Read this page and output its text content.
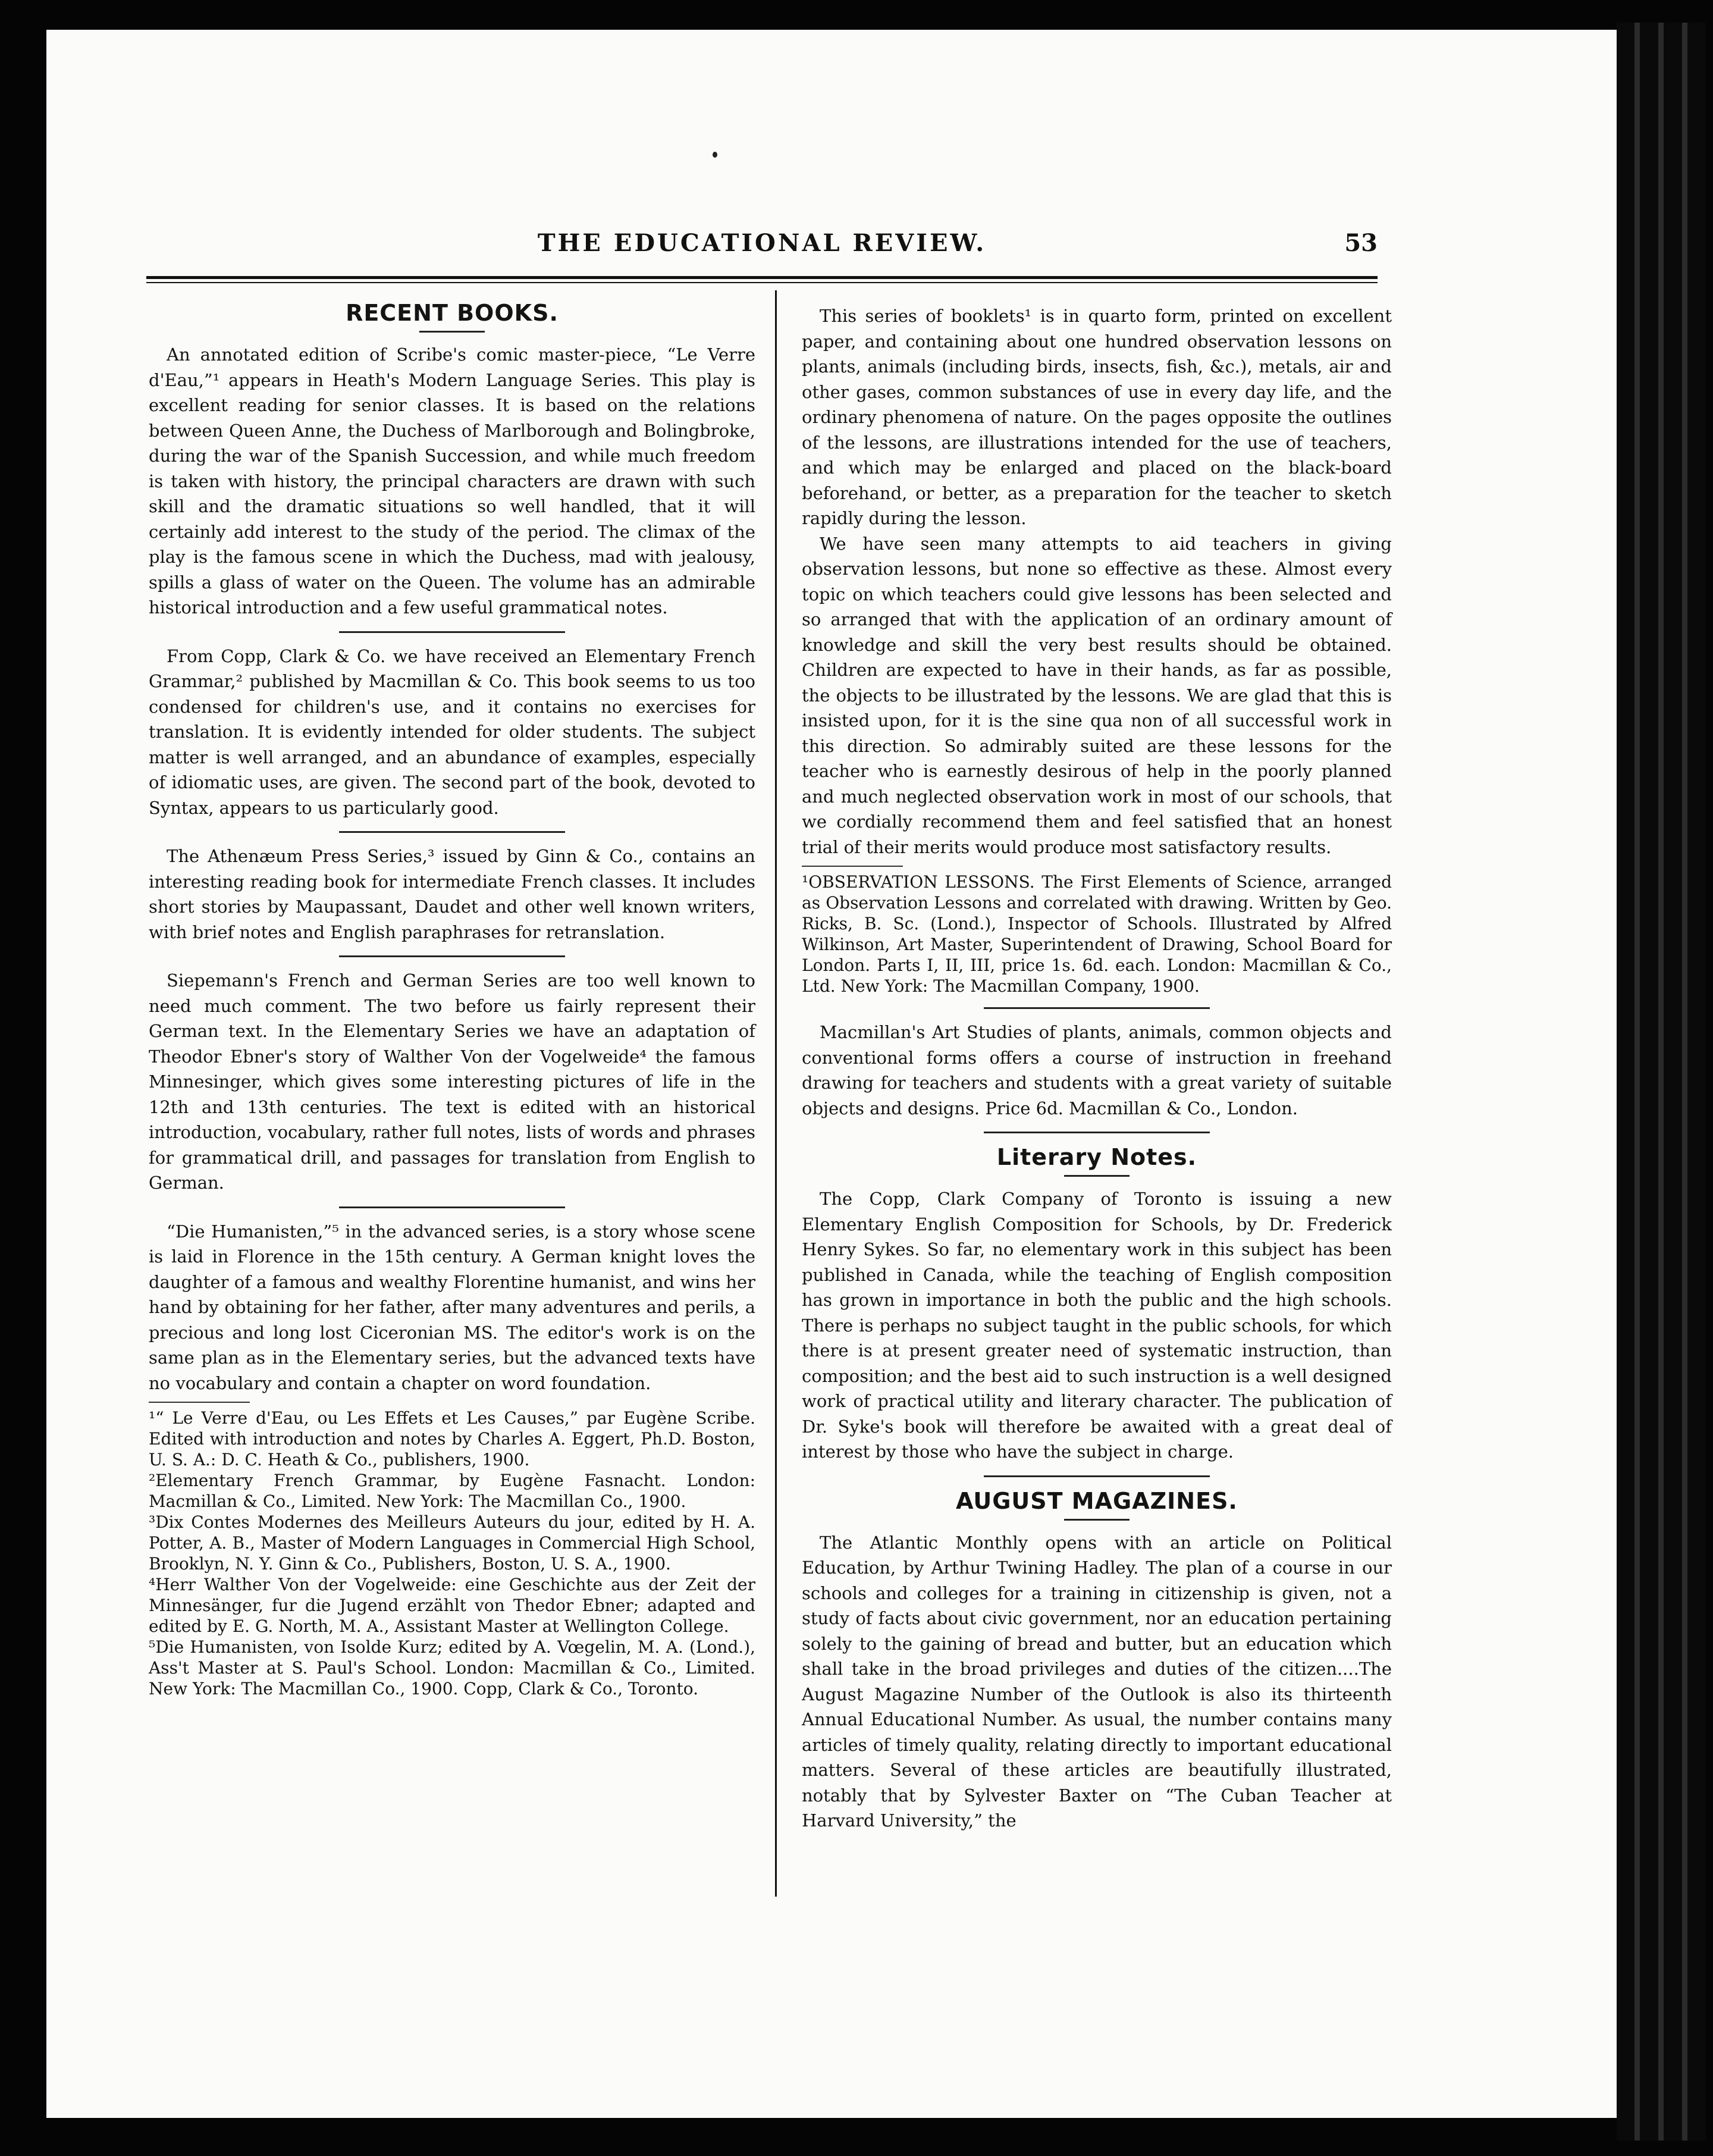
THE EDUCATIONAL REVIEW.	53
RECENT BOOKS.

An annotated edition of Scribe's comic master-piece, “Le Verre d'Eau,”¹ appears in Heath's Modern Language Series. This play is excellent reading for senior classes. It is based on the relations between Queen Anne, the Duchess of Marlborough and Bolingbroke, during the war of the Spanish Succession, and while much freedom is taken with history, the principal characters are drawn with such skill and the dramatic situations so well handled, that it will certainly add interest to the study of the period. The climax of the play is the famous scene in which the Duchess, mad with jealousy, spills a glass of water on the Queen. The volume has an admirable historical introduction and a few useful grammatical notes.

From Copp, Clark & Co. we have received an Elementary French Grammar,² published by Macmillan & Co. This book seems to us too condensed for children's use, and it contains no exercises for translation. It is evidently intended for older students. The subject matter is well arranged, and an abundance of examples, especially of idiomatic uses, are given. The second part of the book, devoted to Syntax, appears to us particularly good.

The Athenæum Press Series,³ issued by Ginn & Co., contains an interesting reading book for intermediate French classes. It includes short stories by Maupassant, Daudet and other well known writers, with brief notes and English paraphrases for retranslation.

Siepemann's French and German Series are too well known to need much comment. The two before us fairly represent their German text. In the Elementary Series we have an adaptation of Theodor Ebner's story of Walther Von der Vogelweide⁴ the famous Minnesinger, which gives some interesting pictures of life in the 12th and 13th centuries. The text is edited with an historical introduction, vocabulary, rather full notes, lists of words and phrases for grammatical drill, and passages for translation from English to German.

“Die Humanisten,”⁵ in the advanced series, is a story whose scene is laid in Florence in the 15th century. A German knight loves the daughter of a famous and wealthy Florentine humanist, and wins her hand by obtaining for her father, after many adventures and perils, a precious and long lost Ciceronian MS. The editor's work is on the same plan as in the Elementary series, but the advanced texts have no vocabulary and contain a chapter on word foundation.

¹“ Le Verre d'Eau, ou Les Effets et Les Causes,” par Eugène Scribe. Edited with introduction and notes by Charles A. Eggert, Ph.D. Boston, U. S. A.: D. C. Heath & Co., publishers, 1900.

²Elementary French Grammar, by Eugène Fasnacht. London: Macmillan & Co., Limited. New York: The Macmillan Co., 1900.

³Dix Contes Modernes des Meilleurs Auteurs du jour, edited by H. A. Potter, A. B., Master of Modern Languages in Commercial High School, Brooklyn, N. Y. Ginn & Co., Publishers, Boston, U. S. A., 1900.

⁴Herr Walther Von der Vogelweide: eine Geschichte aus der Zeit der Minnesänger, fur die Jugend erzählt von Thedor Ebner; adapted and edited by E. G. North, M. A., Assistant Master at Wellington College.

⁵Die Humanisten, von Isolde Kurz; edited by A. Vœgelin, M. A. (Lond.), Ass't Master at S. Paul's School. London: Macmillan & Co., Limited. New York: The Macmillan Co., 1900. Copp, Clark & Co., Toronto.

This series of booklets¹ is in quarto form, printed on excellent paper, and containing about one hundred observation lessons on plants, animals (including birds, insects, fish, &c.), metals, air and other gases, common substances of use in every day life, and the ordinary phenomena of nature. On the pages opposite the outlines of the lessons, are illustrations intended for the use of teachers, and which may be enlarged and placed on the black-board beforehand, or better, as a preparation for the teacher to sketch rapidly during the lesson.

We have seen many attempts to aid teachers in giving observation lessons, but none so effective as these. Almost every topic on which teachers could give lessons has been selected and so arranged that with the application of an ordinary amount of knowledge and skill the very best results should be obtained. Children are expected to have in their hands, as far as possible, the objects to be illustrated by the lessons. We are glad that this is insisted upon, for it is the sine qua non of all successful work in this direction. So admirably suited are these lessons for the teacher who is earnestly desirous of help in the poorly planned and much neglected observation work in most of our schools, that we cordially recommend them and feel satisfied that an honest trial of their merits would produce most satisfactory results.

¹OBSERVATION LESSONS. The First Elements of Science, arranged as Observation Lessons and correlated with drawing. Written by Geo. Ricks, B. Sc. (Lond.), Inspector of Schools. Illustrated by Alfred Wilkinson, Art Master, Superintendent of Drawing, School Board for London. Parts I, II, III, price 1s. 6d. each. London: Macmillan & Co., Ltd. New York: The Macmillan Company, 1900.

Macmillan's Art Studies of plants, animals, common objects and conventional forms offers a course of instruction in freehand drawing for teachers and students with a great variety of suitable objects and designs. Price 6d. Macmillan & Co., London.

Literary Notes.

The Copp, Clark Company of Toronto is issuing a new Elementary English Composition for Schools, by Dr. Frederick Henry Sykes. So far, no elementary work in this subject has been published in Canada, while the teaching of English composition has grown in importance in both the public and the high schools. There is perhaps no subject taught in the public schools, for which there is at present greater need of systematic instruction, than composition; and the best aid to such instruction is a well designed work of practical utility and literary character. The publication of Dr. Syke's book will therefore be awaited with a great deal of interest by those who have the subject in charge.

AUGUST MAGAZINES.

The Atlantic Monthly opens with an article on Political Education, by Arthur Twining Hadley. The plan of a course in our schools and colleges for a training in citizenship is given, not a study of facts about civic government, nor an education pertaining solely to the gaining of bread and butter, but an education which shall take in the broad privileges and duties of the citizen....The August Magazine Number of the Outlook is also its thirteenth Annual Educational Number. As usual, the number contains many articles of timely quality, relating directly to important educational matters. Several of these articles are beautifully illustrated, notably that by Sylvester Baxter on “The Cuban Teacher at Harvard University,” the
